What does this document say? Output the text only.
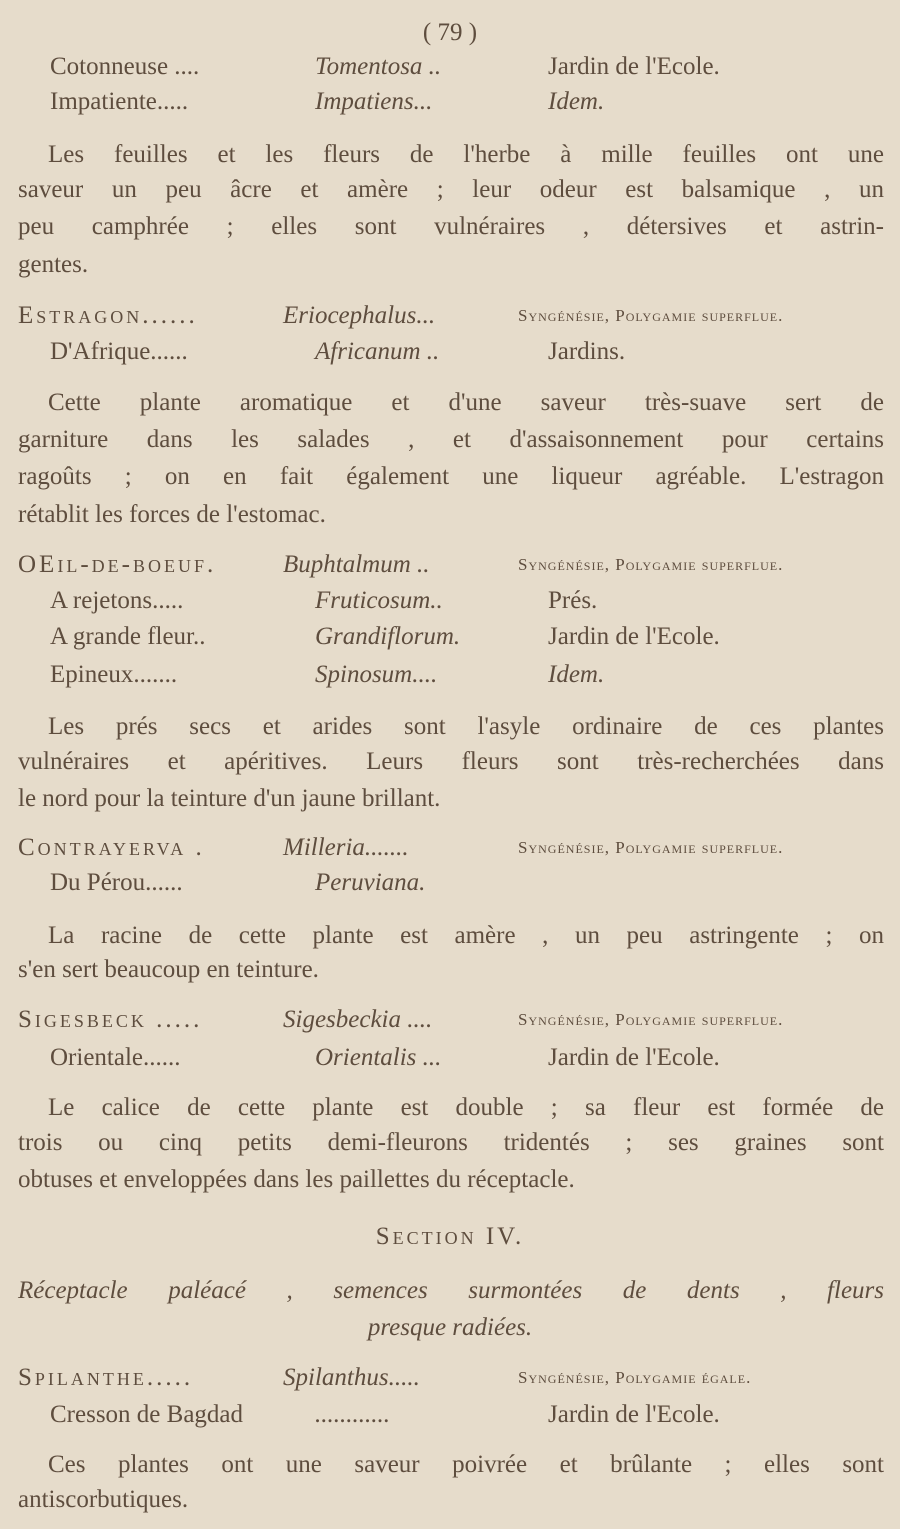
( 79 )
Cotonneuse ....	Tomentosa ..	Jardin de l'Ecole.
Impatiente.....	Impatiens...	Idem.
Les feuilles et les fleurs de l'herbe à mille feuilles ont une
saveur un peu âcre et amère ; leur odeur est balsamique , un
peu camphrée ; elles sont vulnéraires , détersives et astrin-
gentes.
Estragon......	Eriocephalus...	Syngénésie, Polygamie superflue.
D'Afrique......	Africanum ..	Jardins.
Cette plante aromatique et d'une saveur très-suave sert de
garniture dans les salades , et d'assaisonnement pour certains
ragoûts ; on en fait également une liqueur agréable. L'estragon
rétablit les forces de l'estomac.
OEil-de-boeuf.	Buphtalmum ..	Syngénésie, Polygamie superflue.
A rejetons.....	Fruticosum..	Prés.
A grande fleur..	Grandiflorum.	Jardin de l'Ecole.
Epineux.......	Spinosum....	Idem.
Les prés secs et arides sont l'asyle ordinaire de ces plantes
vulnéraires et apéritives. Leurs fleurs sont très-recherchées dans
le nord pour la teinture d'un jaune brillant.
Contrayerva .	Milleria.......	Syngénésie, Polygamie superflue.
Du Pérou......	Peruviana.
La racine de cette plante est amère , un peu astringente ; on
s'en sert beaucoup en teinture.
Sigesbeck .....	Sigesbeckia ....	Syngénésie, Polygamie superflue.
Orientale......	Orientalis ...	Jardin de l'Ecole.
Le calice de cette plante est double ; sa fleur est formée de
trois ou cinq petits demi-fleurons tridentés ; ses graines sont
obtuses et enveloppées dans les paillettes du réceptacle.
Section IV.
Réceptacle paléacé , semences surmontées de dents , fleurs
presque radiées.
Spilanthe.....	Spilanthus.....	Syngénésie, Polygamie égale.
Cresson de Bagdad	............	Jardin de l'Ecole.
Ces plantes ont une saveur poivrée et brûlante ; elles sont
antiscorbutiques.
